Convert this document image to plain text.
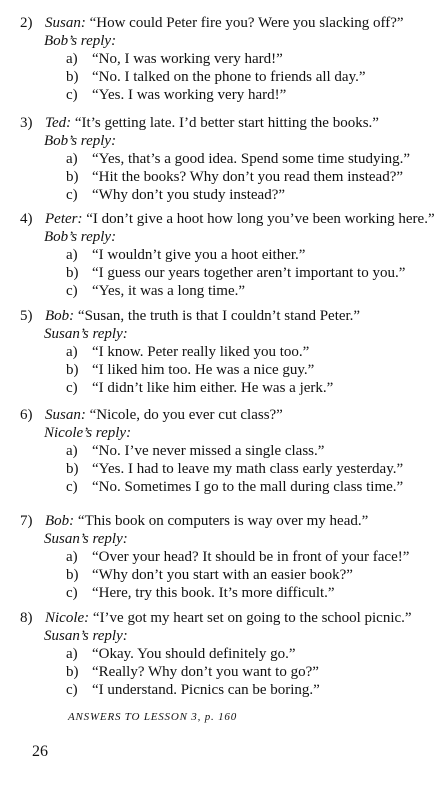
2) Susan: “How could Peter fire you? Were you slacking off?”
Bob’s reply:
a) “No, I was working very hard!”
b) “No. I talked on the phone to friends all day.”
c) “Yes. I was working very hard!”
3) Ted: “It’s getting late. I’d better start hitting the books.”
Bob’s reply:
a) “Yes, that’s a good idea. Spend some time studying.”
b) “Hit the books? Why don’t you read them instead?”
c) “Why don’t you study instead?”
4) Peter: “I don’t give a hoot how long you’ve been working here.”
Bob’s reply:
a) “I wouldn’t give you a hoot either.”
b) “I guess our years together aren’t important to you.”
c) “Yes, it was a long time.”
5) Bob: “Susan, the truth is that I couldn’t stand Peter.”
Susan’s reply:
a) “I know. Peter really liked you too.”
b) “I liked him too. He was a nice guy.”
c) “I didn’t like him either. He was a jerk.”
6) Susan: “Nicole, do you ever cut class?”
Nicole’s reply:
a) “No. I’ve never missed a single class.”
b) “Yes. I had to leave my math class early yesterday.”
c) “No. Sometimes I go to the mall during class time.”
7) Bob: “This book on computers is way over my head.”
Susan’s reply:
a) “Over your head? It should be in front of your face!”
b) “Why don’t you start with an easier book?”
c) “Here, try this book. It’s more difficult.”
8) Nicole: “I’ve got my heart set on going to the school picnic.”
Susan’s reply:
a) “Okay. You should definitely go.”
b) “Really? Why don’t you want to go?”
c) “I understand. Picnics can be boring.”
ANSWERS TO LESSON 3, p. 160
26
